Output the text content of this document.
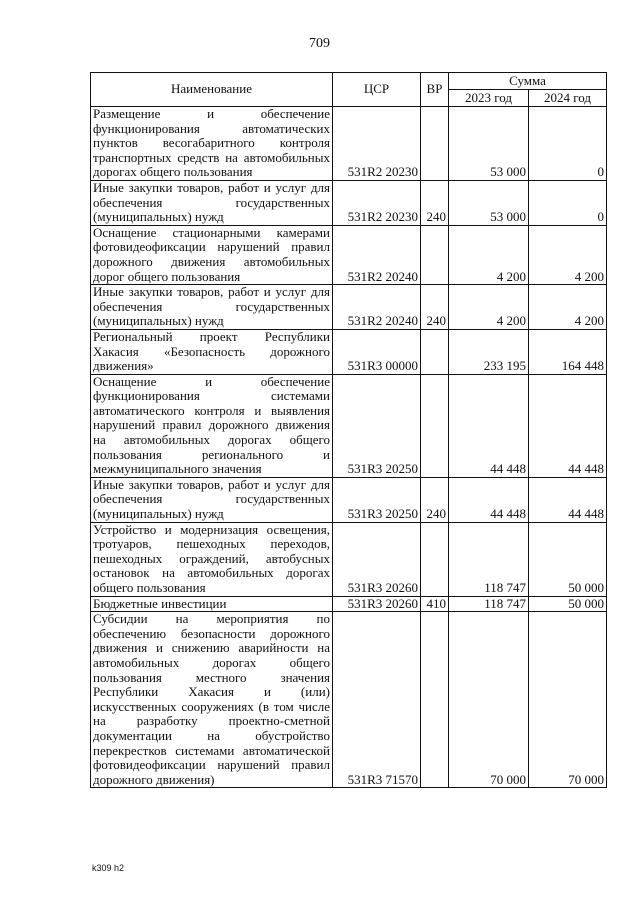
709
Наименование	ЦСР	ВР	Сумма	
			2023 год	2024 год
Размещение и обеспечение функционирования автоматических пунктов весогабаритного контроля транспортных средств на автомобильных дорогах общего пользования	531R2 20230		53 000	0
Иные закупки товаров, работ и услуг для обеспечения государственных (муниципальных) нужд	531R2 20230	240	53 000	0
Оснащение стационарными камерами фотовидеофиксации нарушений правил дорожного движения автомобильных дорог общего пользования	531R2 20240		4 200	4 200
Иные закупки товаров, работ и услуг для обеспечения государственных (муниципальных) нужд	531R2 20240	240	4 200	4 200
Региональный проект Республики Хакасия «Безопасность дорожного движения»	531R3 00000		233 195	164 448
Оснащение и обеспечение функционирования системами автоматического контроля и выявления нарушений правил дорожного движения на автомобильных дорогах общего пользования регионального и межмуниципального значения	531R3 20250		44 448	44 448
Иные закупки товаров, работ и услуг для обеспечения государственных (муниципальных) нужд	531R3 20250	240	44 448	44 448
Устройство и модернизация освещения, тротуаров, пешеходных переходов, пешеходных ограждений, автобусных остановок на автомобильных дорогах общего пользования	531R3 20260		118 747	50 000
Бюджетные инвестиции	531R3 20260	410	118 747	50 000
Субсидии на мероприятия по обеспечению безопасности дорожного движения и снижению аварийности на автомобильных дорогах общего пользования местного значения Республики Хакасия и (или) искусственных сооружениях (в том числе на разработку проектно-сметной документации на обустройство перекрестков системами автоматической фотовидеофиксации нарушений правил дорожного движения)	531R3 71570		70 000	70 000
k309 h2
